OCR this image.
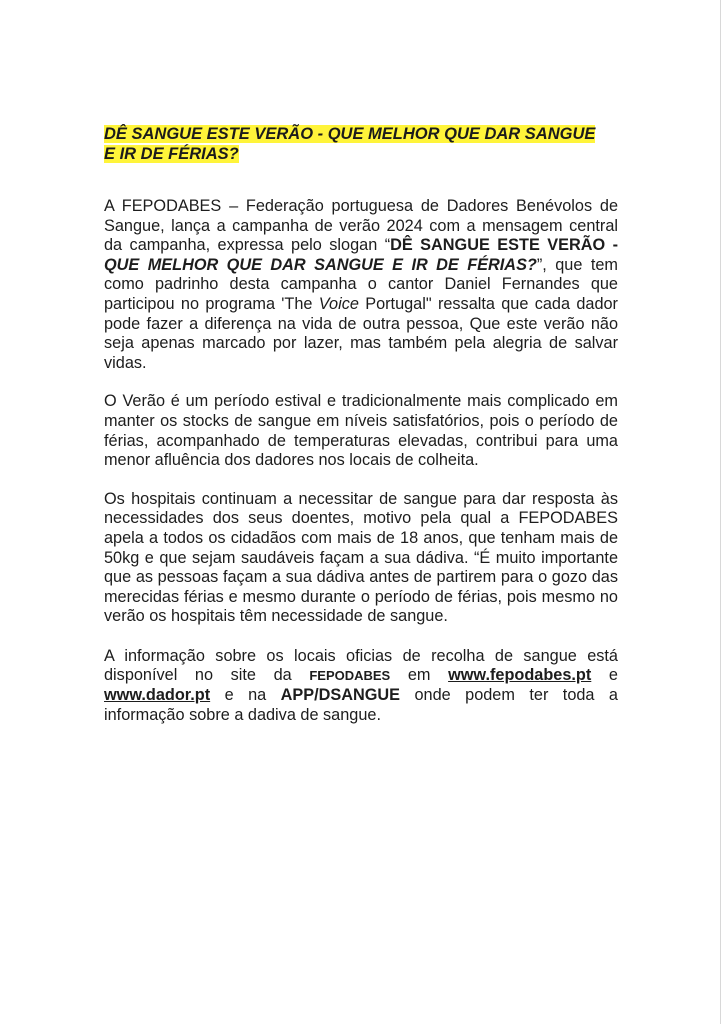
DÊ SANGUE ESTE VERÃO - QUE MELHOR QUE DAR SANGUE
E IR DE FÉRIAS?

A FEPODABES – Federação portuguesa de Dadores Benévolos de Sangue, lança a campanha de verão 2024 com a mensagem central da campanha, expressa pelo slogan “DÊ SANGUE ESTE VERÃO - QUE MELHOR QUE DAR SANGUE E IR DE FÉRIAS?”, que tem como padrinho desta campanha o cantor Daniel Fernandes que participou no programa 'The Voice Portugal" ressalta que cada dador pode fazer a diferença na vida de outra pessoa, Que este verão não seja apenas marcado por lazer, mas também pela alegria de salvar vidas.

O Verão é um período estival e tradicionalmente mais complicado em manter os stocks de sangue em níveis satisfatórios, pois o período de férias, acompanhado de temperaturas elevadas, contribui para uma menor afluência dos dadores nos locais de colheita.

Os hospitais continuam a necessitar de sangue para dar resposta às necessidades dos seus doentes, motivo pela qual a FEPODABES apela a todos os cidadãos com mais de 18 anos, que tenham mais de 50kg e que sejam saudáveis façam a sua dádiva. “É muito importante que as pessoas façam a sua dádiva antes de partirem para o gozo das merecidas férias e mesmo durante o período de férias, pois mesmo no verão os hospitais têm necessidade de sangue.

A informação sobre os locais oficias de recolha de sangue está disponível no site da FEPODABES em www.fepodabes.pt e www.dador.pt e na APP/DSANGUE onde podem ter toda a informação sobre a dadiva de sangue.
